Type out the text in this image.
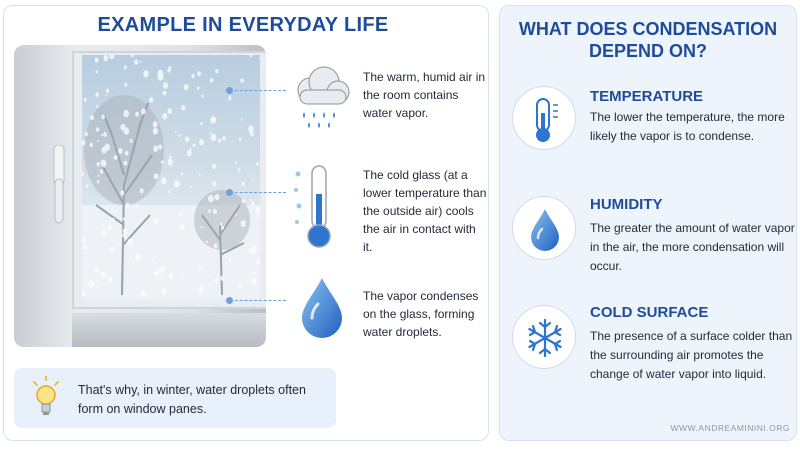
EXAMPLE IN EVERYDAY LIFE
The warm, humid air in the room contains water vapor.
The cold glass (at a lower temperature than the outside air) cools the air in contact with it.
The vapor condenses on the glass, forming water droplets.
That's why, in winter, water droplets often form on window panes.
WHAT DOES CONDENSATION DEPEND ON?
TEMPERATURE
The lower the temperature, the more likely the vapor is to condense.
HUMIDITY
The greater the amount of water vapor in the air, the more condensation will occur.
COLD SURFACE
The presence of a surface colder than the surrounding air promotes the change of water vapor into liquid.
WWW.ANDREAMININI.ORG
